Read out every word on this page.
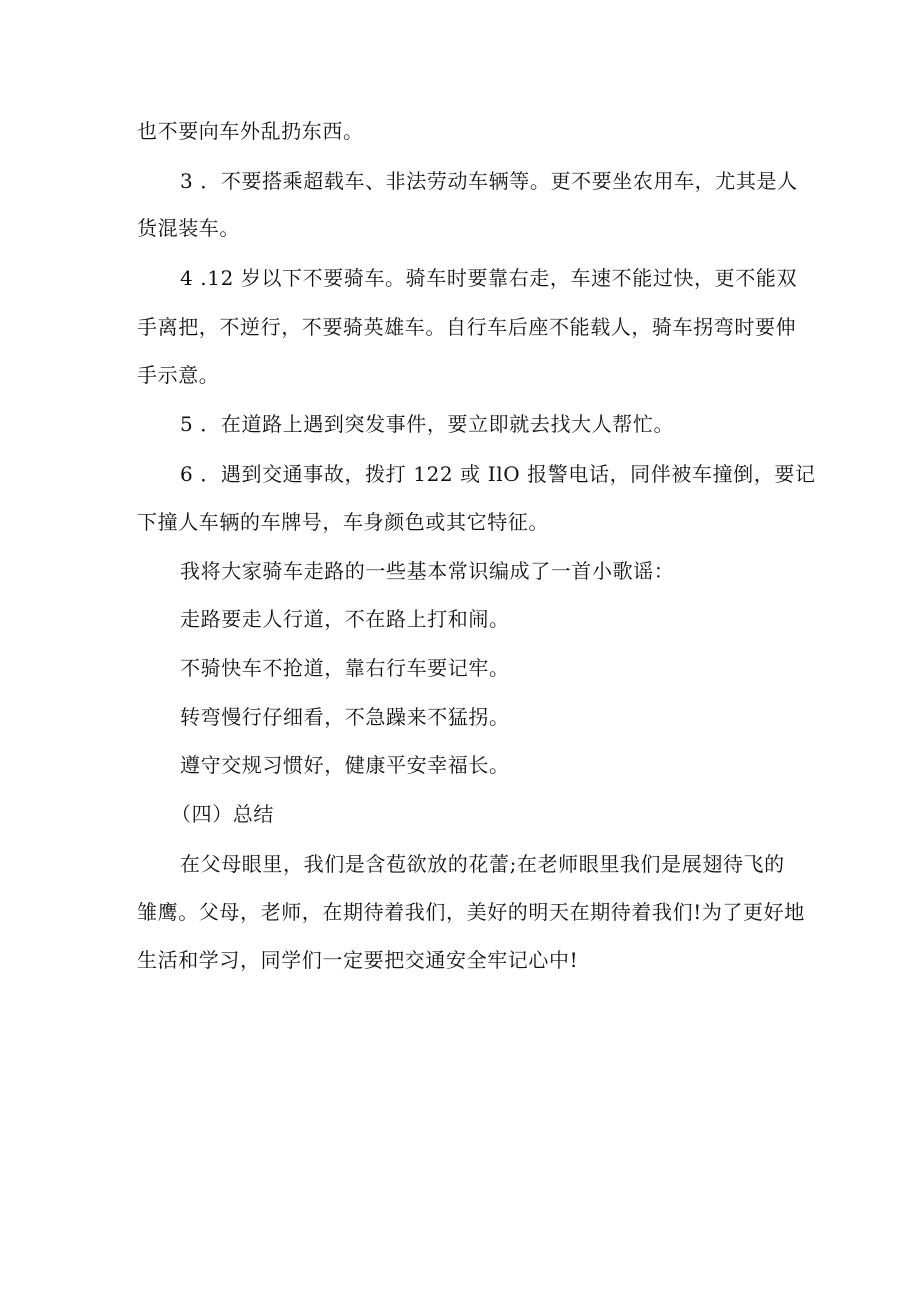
也不要向车外乱扔东西。
3 ．不要搭乘超载车、非法劳动车辆等。更不要坐农用车，尤其是人
货混装车。
4 .12 岁以下不要骑车。骑车时要靠右走，车速不能过快，更不能双
手离把，不逆行，不要骑英雄车。自行车后座不能载人，骑车拐弯时要伸
手示意。
5 ．在道路上遇到突发事件，要立即就去找大人帮忙。
6 ．遇到交通事故，拨打 122 或 IlO 报警电话，同伴被车撞倒，要记
下撞人车辆的车牌号，车身颜色或其它特征。
我将大家骑车走路的一些基本常识编成了一首小歌谣：
走路要走人行道，不在路上打和闹。
不骑快车不抢道，靠右行车要记牢。
转弯慢行仔细看，不急躁来不猛拐。
遵守交规习惯好，健康平安幸福长。
（四）总结
在父母眼里，我们是含苞欲放的花蕾;在老师眼里我们是展翅待飞的
雏鹰。父母，老师，在期待着我们，美好的明天在期待着我们!为了更好地
生活和学习，同学们一定要把交通安全牢记心中!
